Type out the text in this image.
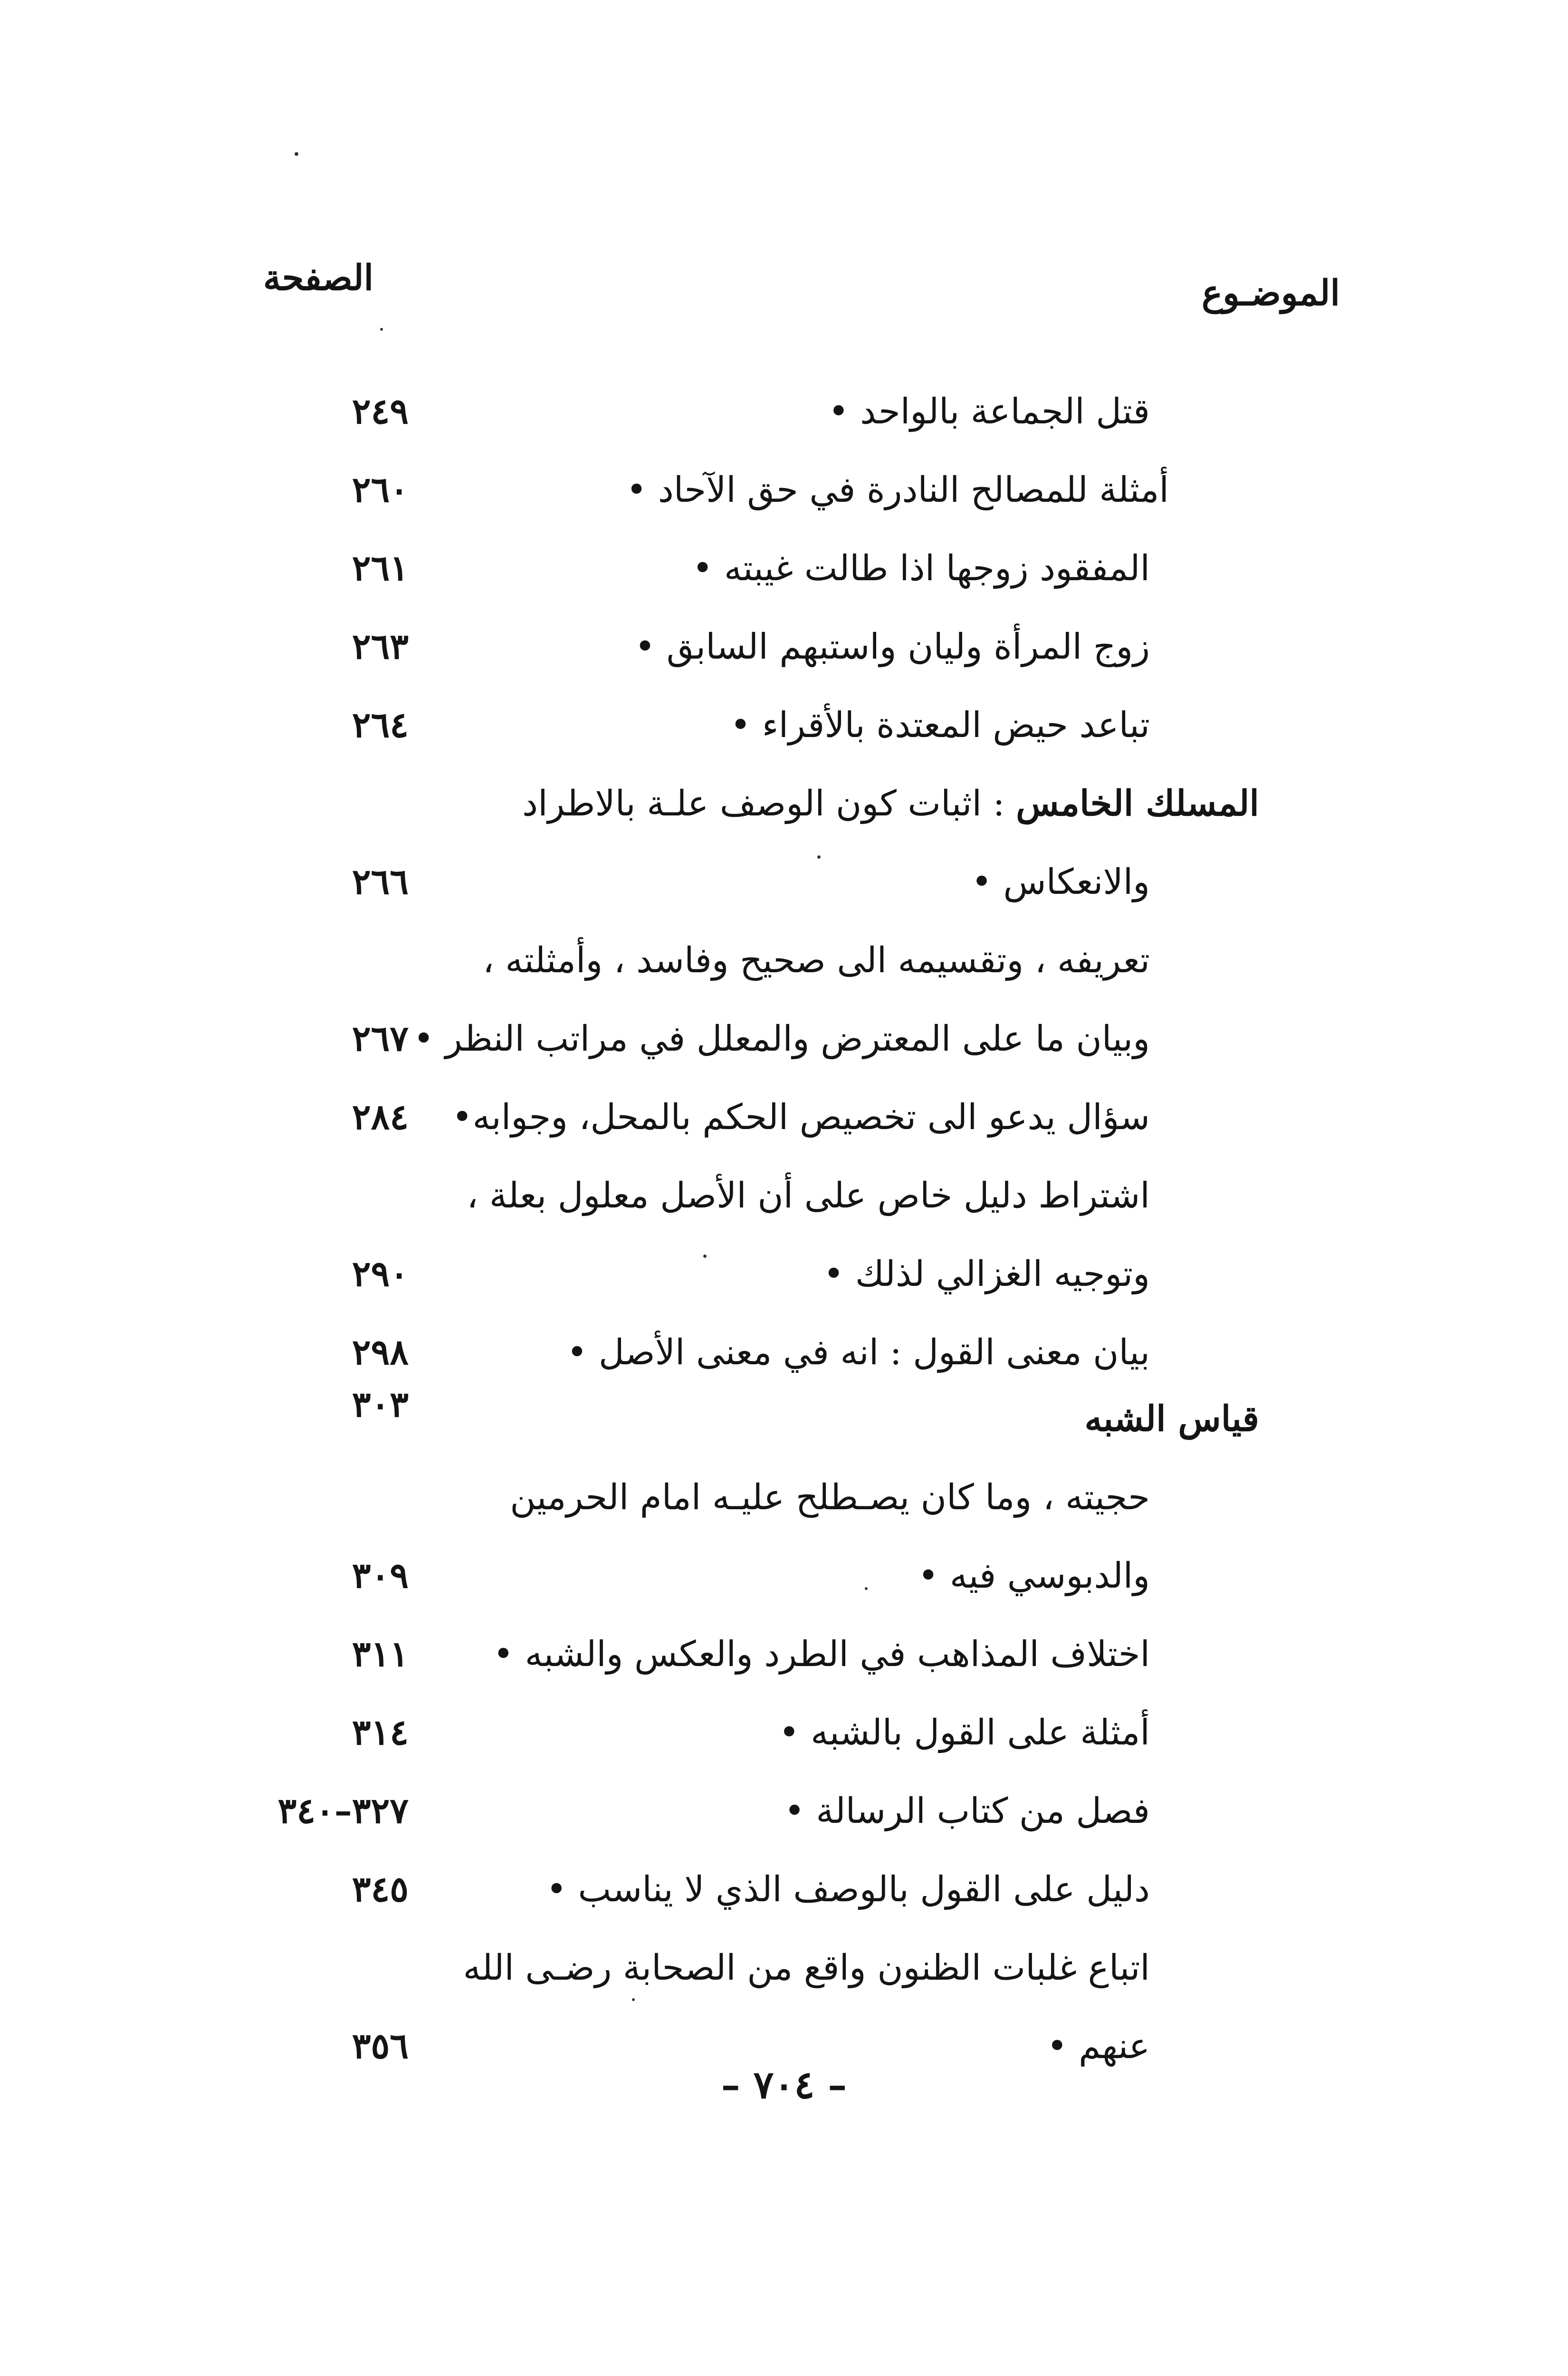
الموضـوع
الصفحة
قتل الجماعة بالواحد •
٢٤٩
أمثلة للمصالح النادرة في حق الآحاد •
٢٦٠
المفقود زوجها اذا طالت غيبته •
٢٦١
زوج المرأة وليان واستبهم السابق •
٢٦٣
تباعد حيض المعتدة بالأقراء •
٢٦٤
المسلك الخامس : اثبات كون الوصف علـة بالاطراد
والانعكاس •
٢٦٦
تعريفه ، وتقسيمه الى صحيح وفاسد ، وأمثلته ،
وبيان ما على المعترض والمعلل في مراتب النظر •
٢٦٧
سؤال يدعو الى تخصيص الحكم بالمحل، وجوابه•
٢٨٤
اشتراط دليل خاص على أن الأصل معلول بعلة ،
وتوجيه الغزالي لذلك •
٢٩٠
بيان معنى القول : انه في معنى الأصل •
٢٩٨
قياس الشبه
٣٠٣
حجيته ، وما كان يصـطلح عليـه امام الحرمين
والدبوسي فيه •
٣٠٩
اختلاف المذاهب في الطرد والعكس والشبه •
٣١١
أمثلة على القول بالشبه •
٣١٤
فصل من كتاب الرسالة •
٣٢٧–٣٤٠
دليل على القول بالوصف الذي لا يناسب •
٣٤٥
اتباع غلبات الظنون واقع من الصحابة رضـى الله
عنهم •
٣٥٦
– ٧٠٤ –
